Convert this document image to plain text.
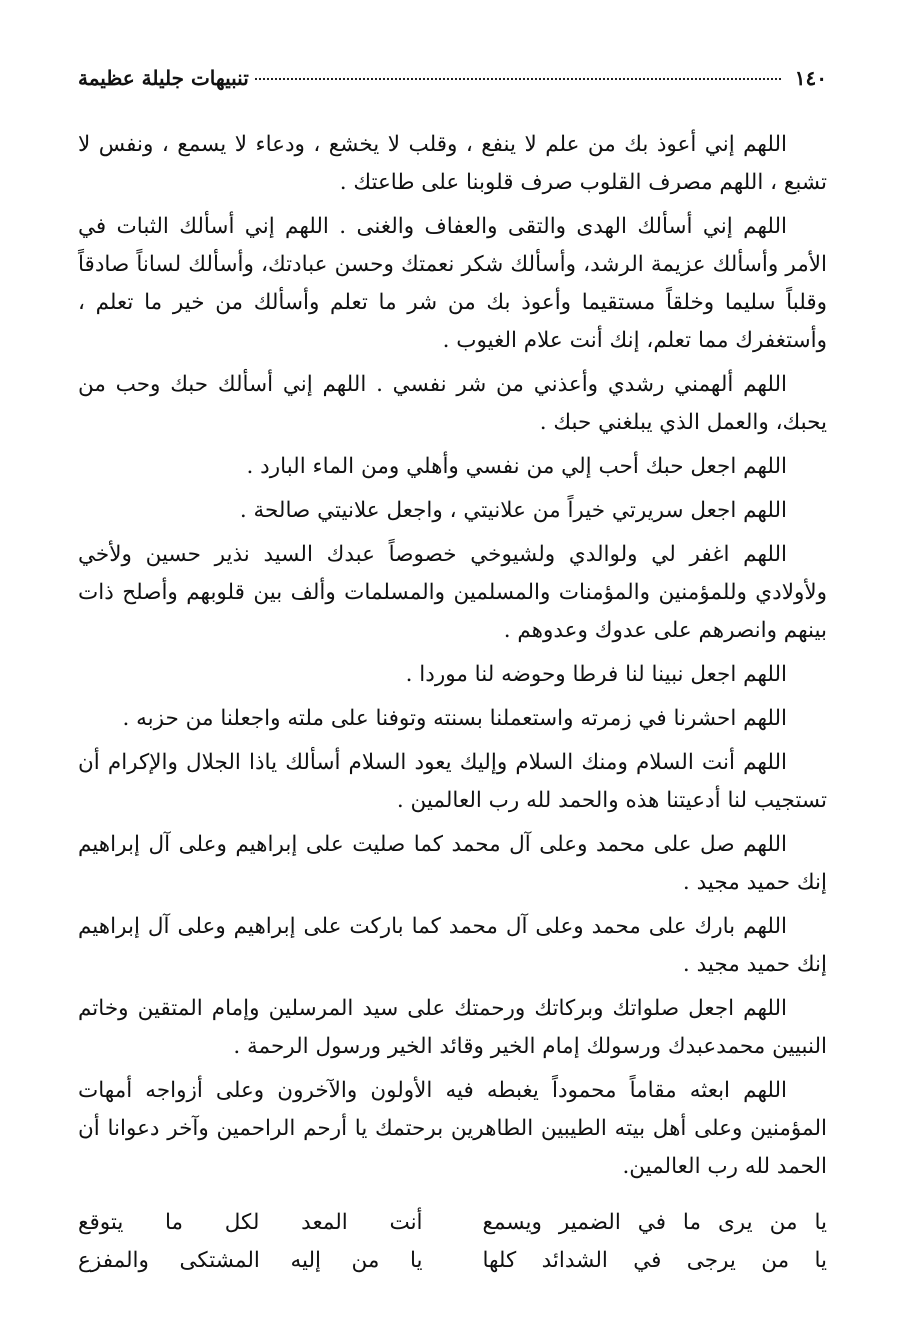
١٤٠
تنبيهات جليلة عظيمة

اللهم إني أعوذ بك من علم لا ينفع ، وقلب لا يخشع ، ودعاء لا يسمع ، ونفس لا تشبع ، اللهم مصرف القلوب صرف قلوبنا على طاعتك .

اللهم إني أسألك الهدى والتقى والعفاف والغنى . اللهم إني أسألك الثبات في الأمر وأسألك عزيمة الرشد، وأسألك شكر نعمتك وحسن عبادتك، وأسألك لساناً صادقاً وقلباً سليما وخلقاً مستقيما وأعوذ بك من شر ما تعلم وأسألك من خير ما تعلم ، وأستغفرك مما تعلم، إنك أنت علام الغيوب .

اللهم ألهمني رشدي وأعذني من شر نفسي . اللهم إني أسألك حبك وحب من يحبك، والعمل الذي يبلغني حبك .

اللهم اجعل حبك أحب إلي من نفسي وأهلي ومن الماء البارد .

اللهم اجعل سريرتي خيراً من علانيتي ، واجعل علانيتي صالحة .

اللهم اغفر لي ولوالدي ولشيوخي خصوصاً عبدك السيد نذير حسين ولأخي ولأولادي وللمؤمنين والمؤمنات والمسلمين والمسلمات وألف بين قلوبهم وأصلح ذات بينهم وانصرهم على عدوك وعدوهم .

اللهم اجعل نبينا لنا فرطا وحوضه لنا موردا .

اللهم احشرنا في زمرته واستعملنا بسنته وتوفنا على ملته واجعلنا من حزبه .

اللهم أنت السلام ومنك السلام وإليك يعود السلام أسألك ياذا الجلال والإكرام أن تستجيب لنا أدعيتنا هذه والحمد لله رب العالمين .

اللهم صل على محمد وعلى آل محمد كما صليت على إبراهيم وعلى آل إبراهيم إنك حميد مجيد .

اللهم بارك على محمد وعلى آل محمد كما باركت على إبراهيم وعلى آل إبراهيم إنك حميد مجيد .

اللهم اجعل صلواتك وبركاتك ورحمتك على سيد المرسلين وإمام المتقين وخاتم النبيين محمدعبدك ورسولك إمام الخير وقائد الخير ورسول الرحمة .

اللهم ابعثه مقاماً محموداً يغبطه فيه الأولون والآخرون وعلى أزواجه أمهات المؤمنين وعلى أهل بيته الطيبين الطاهرين برحتمك يا أرحم الراحمين وآخر دعوانا أن الحمد لله رب العالمين.

يا من يرى ما في الضمير ويسمع
أنت المعد لكل ما يتوقع
يا من يرجى في الشدائد كلها
يا من إليه المشتكى والمفزع
